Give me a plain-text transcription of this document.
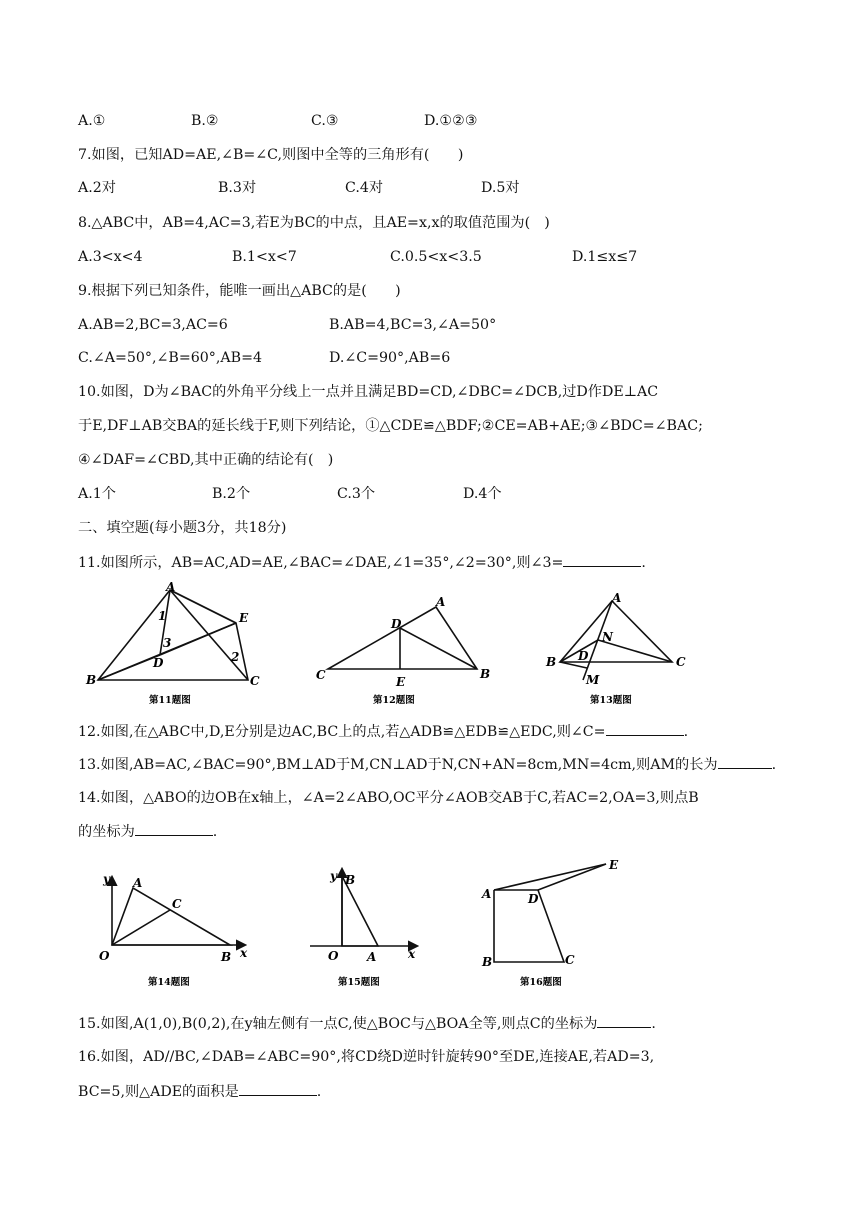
A.①	B.②	C.③	D.①②③
7.如图，已知AD=AE,∠B=∠C,则图中全等的三角形有(　　)
A.2对	B.3对	C.4对	D.5对
8.△ABC中，AB=4,AC=3,若E为BC的中点，且AE=x,x的取值范围为(　)
A.3<x<4	B.1<x<7	C.0.5<x<3.5	D.1≤x≤7
9.根据下列已知条件，能唯一画出△ABC的是(　　)
A.AB=2,BC=3,AC=6	B.AB=4,BC=3,∠A=50°
C.∠A=50°,∠B=60°,AB=4	D.∠C=90°,AB=6
10.如图，D为∠BAC的外角平分线上一点并且满足BD=CD,∠DBC=∠DCB,过D作DE⊥AC
于E,DF⊥AB交BA的延长线于F,则下列结论，①△CDE≌△BDF;②CE=AB+AE;③∠BDC=∠BAC;
④∠DAF=∠CBD,其中正确的结论有(　)
A.1个	B.2个	C.3个	D.4个
二、填空题(每小题3分，共18分)
11.如图所示，AB=AC,AD=AE,∠BAC=∠DAE,∠1=35°,∠2=30°,则∠3=	.
A
E
1
3
D	2
B	C
第11题图
A
D
C	E
B
第12题图
A
N
B D	C
M
第13题图
12.如图,在△ABC中,D,E分别是边AC,BC上的点,若△ADB≌△EDB≌△EDC,则∠C=	.
13.如图,AB=AC,∠BAC=90°,BM⊥AD于M,CN⊥AD于N,CN+AN=8cm,MN=4cm,则AM的长为	.
14.如图，△ABO的边OB在x轴上，∠A=2∠ABO,OC平分∠AOB交AB于C,若AC=2,OA=3,则点B
的坐标为	.
y A
C
O	B x
第14题图
y B
O A	x
第15题图
E
A	D
B	C
第16题图
15.如图,A(1,0),B(0,2),在y轴左侧有一点C,使△BOC与△BOA全等,则点C的坐标为	.
16.如图，AD//BC,∠DAB=∠ABC=90°,将CD绕D逆时针旋转90°至DE,连接AE,若AD=3,
BC=5,则△ADE的面积是	.
